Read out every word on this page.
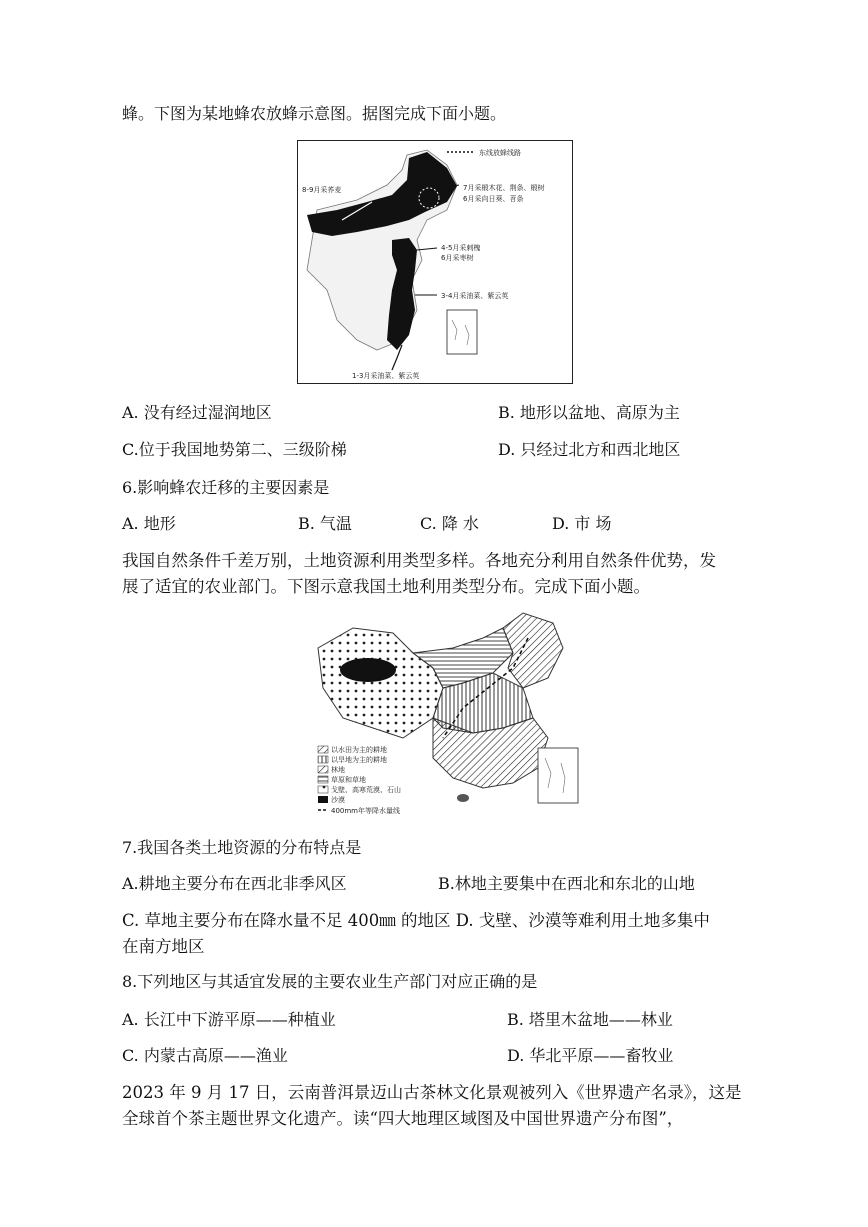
蜂。下图为某地蜂农放蜂示意图。据图完成下面小题。
东线放蜂线路
8-9月采荞麦	7月采椴木花、荆条、椴树
6月采向日葵、苕条
4-5月采刺槐
6月采枣树
3-4月采油菜、紫云英
1-3月采油菜、紫云英
A. 没有经过湿润地区	B. 地形以盆地、高原为主
C.位于我国地势第二、三级阶梯	D. 只经过北方和西北地区
6.影响蜂农迁移的主要因素是
A. 地形	B. 气温	C. 降 水	D. 市 场
我国自然条件千差万别，土地资源利用类型多样。各地充分利用自然条件优势，发展了适宜的农业部门。下图示意我国土地利用类型分布。完成下面小题。
以水田为主的耕地
以旱地为主的耕地
林地
草原和草地
戈壁、高寒荒漠、石山
沙漠
400mm年等降水量线
7.我国各类土地资源的分布特点是
A.耕地主要分布在西北非季风区	B.林地主要集中在西北和东北的山地
C. 草地主要分布在降水量不足 400㎜ 的地区 D. 戈壁、沙漠等难利用土地多集中在南方地区
8.下列地区与其适宜发展的主要农业生产部门对应正确的是
A. 长江中下游平原——种植业	B. 塔里木盆地——林业
C. 内蒙古高原——渔业	D. 华北平原——畜牧业
2023 年 9 月 17 日，云南普洱景迈山古茶林文化景观被列入《世界遗产名录》，这是全球首个茶主题世界文化遗产。读“四大地理区域图及中国世界遗产分布图”，
